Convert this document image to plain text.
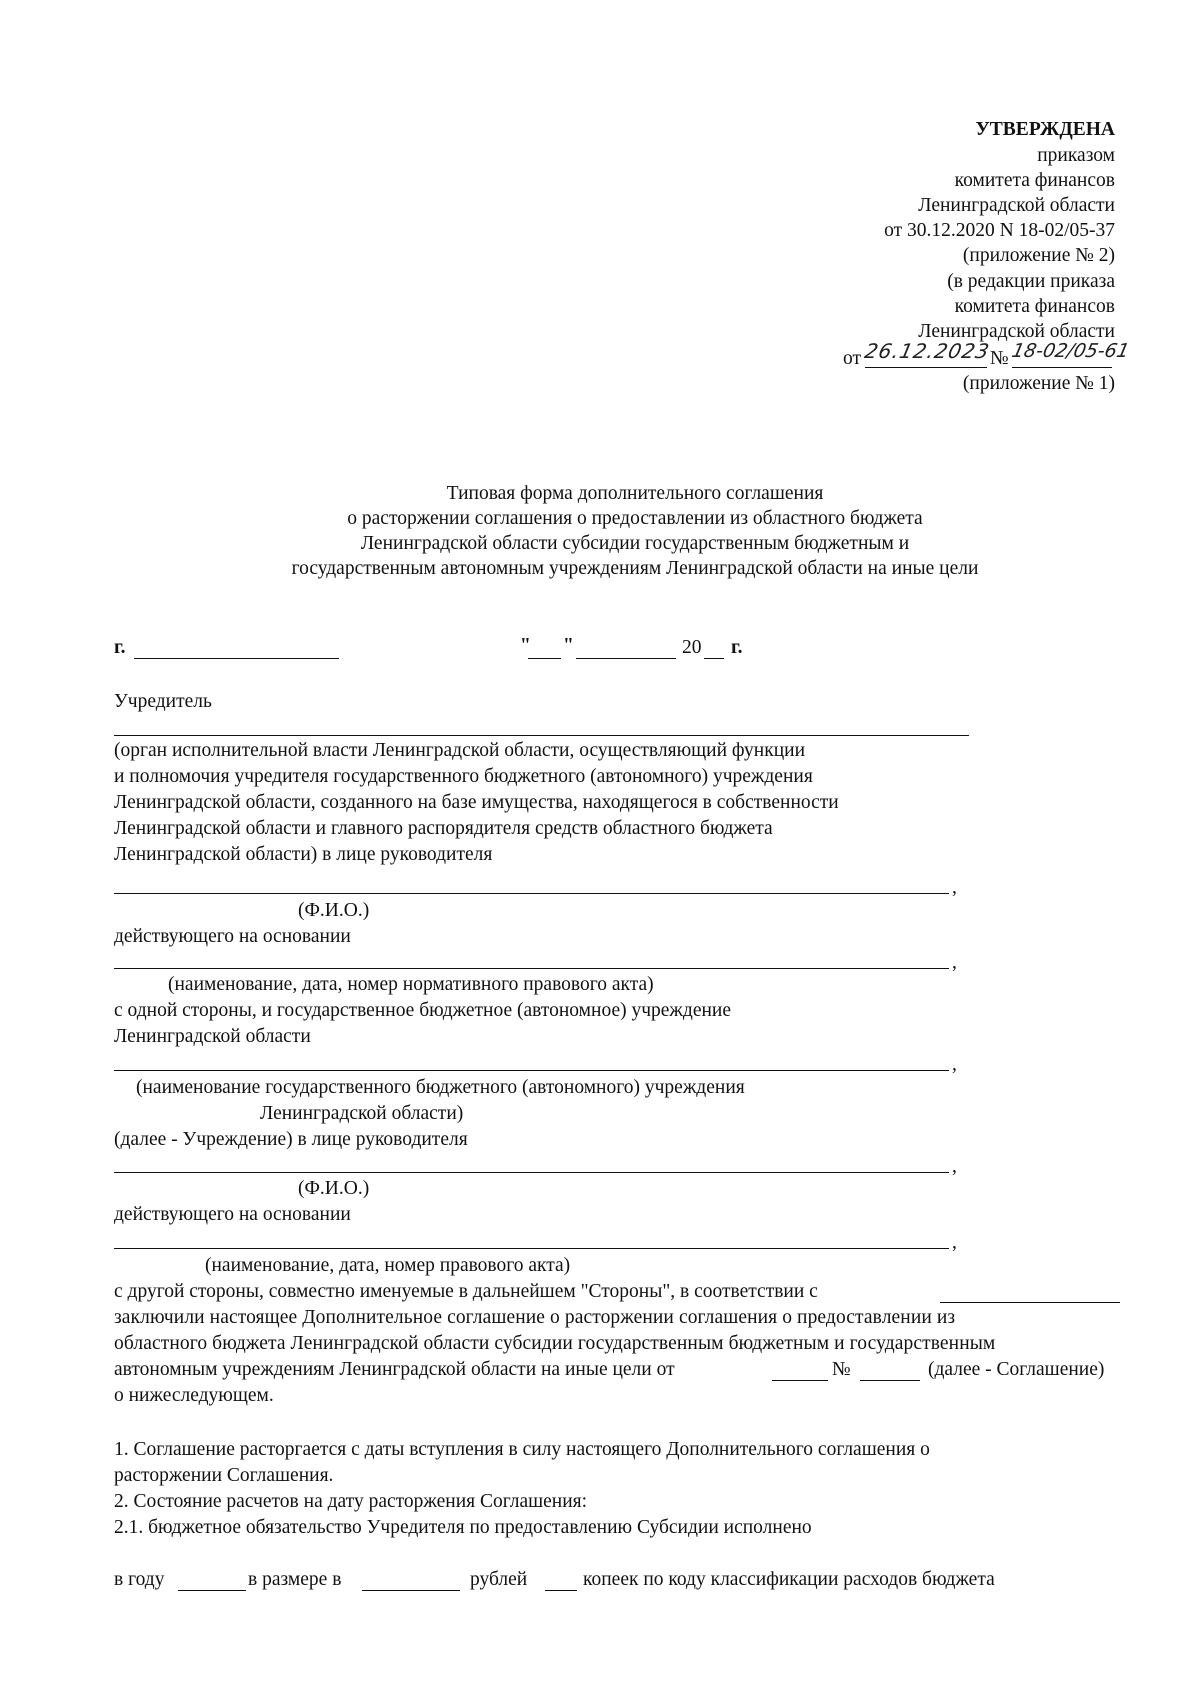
УТВЕРЖДЕНА
приказом
комитета финансов
Ленинградской области
от 30.12.2020 N 18-02/05-37
(приложение № 2)
(в редакции приказа
комитета финансов
Ленинградской области
от 26.12.2023
№ 18-02/05-61
(приложение № 1)
Типовая форма дополнительного соглашения
о расторжении соглашения о предоставлении из областного бюджета
Ленинградской области субсидии государственным бюджетным и
государственным автономным учреждениям Ленинградской области на иные цели
г.	" "	20 г.
Учредитель
(орган исполнительной власти Ленинградской области, осуществляющий функции
и полномочия учредителя государственного бюджетного (автономного) учреждения
Ленинградской области, созданного на базе имущества, находящегося в собственности
Ленинградской области и главного распорядителя средств областного бюджета
Ленинградской области) в лице руководителя
,
(Ф.И.О.)
действующего на основании
,
(наименование, дата, номер нормативного правового акта)
с одной стороны, и государственное бюджетное (автономное) учреждение
Ленинградской области
,
(наименование государственного бюджетного (автономного) учреждения
Ленинградской области)
(далее - Учреждение) в лице руководителя
,
(Ф.И.О.)
действующего на основании
,
(наименование, дата, номер правового акта)
с другой стороны, совместно именуемые в дальнейшем "Стороны", в соответствии с
заключили настоящее Дополнительное соглашение о расторжении соглашения о предоставлении из
областного бюджета Ленинградской области субсидии государственным бюджетным и государственным
автономным учреждениям Ленинградской области на иные цели от	№	(далее - Соглашение)
о нижеследующем.
1. Соглашение расторгается с даты вступления в силу настоящего Дополнительного соглашения о
расторжении Соглашения.
2. Состояние расчетов на дату расторжения Соглашения:
2.1. бюджетное обязательство Учредителя по предоставлению Субсидии исполнено
в году	в размере в	рублей	копеек по коду классификации расходов бюджета
